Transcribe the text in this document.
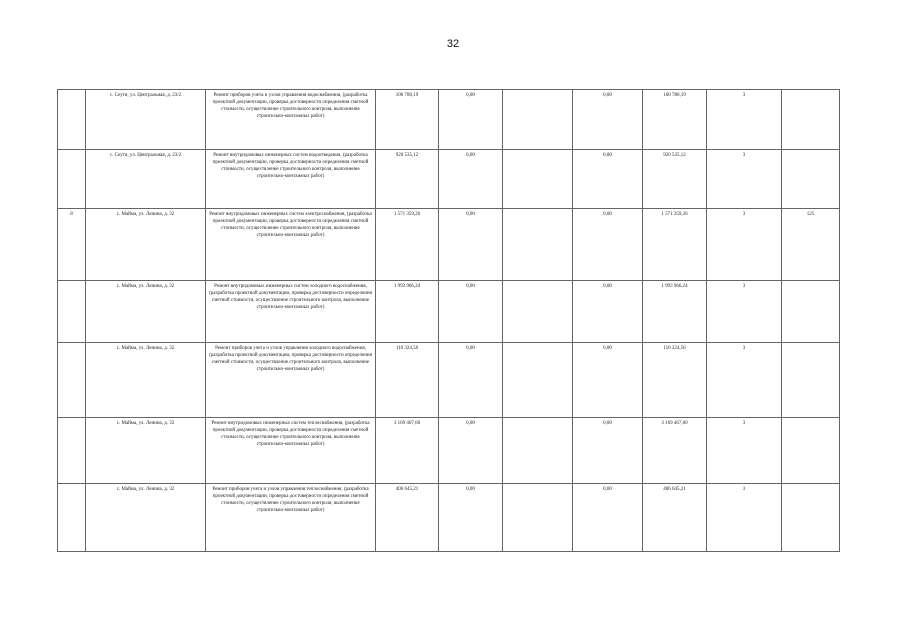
32
	с. Сеути, ул. Центральная, д. 23/2	Ремонт приборов учета и узлов управления водоснабжения, (разработка проектной документации, проверка достоверности определения сметной стоимости, осуществление строительного контроля, выполнение строительно-монтажных работ)	100 780,19	0,00		0,00	100 780,19	3	
	с. Сеути, ул. Центральная, д. 23/2	Ремонт внутридомовых инженерных систем водоотведения, (разработка проектной документации, проверка достоверности определения сметной стоимости, осуществление строительного контроля, выполнение строительно-монтажных работ)	920 535,12	0,00		0,00	920 535,12	3	
8	с. Майма, ул. Ленина, д. 32	Ремонт внутридомовых инженерных систем электроснабжения, (разработка проектной документации, проверка достоверности определения сметной стоимости, осуществление строительного контроля, выполнение строительно-монтажных работ)	1 571 359,26	0,00		0,00	1 571 359,26	3	125
	с. Майма, ул. Ленина, д. 32	Ремонт внутридомовых инженерных систем холодного водоснабжения, (разработка проектной документации, проверка достоверности определения сметной стоимости, осуществление строительного контроля, выполнение строительно-монтажных работ)	1 993 966,24	0,00		0,00	1 993 966,24	3	
	с. Майма, ул. Ленина, д. 32	Ремонт приборов учета и узлов управления холодного водоснабжения, (разработка проектной документации, проверка достоверности определения сметной стоимости, осуществление строительного контроля, выполнение строительно-монтажных работ)	110 324,56	0,00		0,00	110 324,56	3	
	с. Майма, ул. Ленина, д. 32	Ремонт внутридомовых инженерных систем теплоснабжения, (разработка проектной документации, проверка достоверности определения сметной стоимости, осуществление строительного контроля, выполнение строительно-монтажных работ)	3 169 467,60	0,00		0,00	3 169 467,60	3	
	с. Майма, ул. Ленина, д. 32	Ремонт приборов учета и узлов управления теплоснабжения, (разработка проектной документации, проверка достоверности определения сметной стоимости, осуществление строительного контроля, выполнение строительно-монтажных работ)	406 645,21	0,00		0,00	406 645,21	3	
